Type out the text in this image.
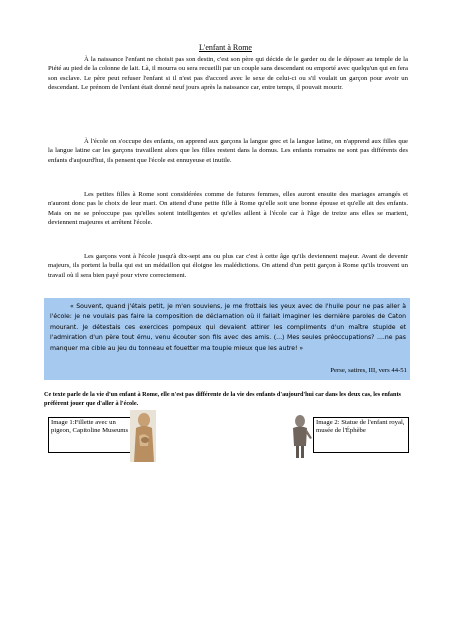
L'enfant à Rome

À la naissance l'enfant ne choisit pas son destin, c'est son père qui décide de le garder ou de le déposer au temple de la Piété au pied de la colonne de lait. Là, il mourra ou sera recueilli par un couple sans descendant ou emporté avec quelqu'un qui en fera son esclave. Le père peut refuser l'enfant si il n'est pas d'accord avec le sexe de celui-ci ou s'il voulait un garçon pour avoir un descendant. Le prénom de l'enfant était donné neuf jours après la naissance car, entre temps, il pouvait mourir.

À l'école on s'occupe des enfants, on apprend aux garçons la langue grec et la langue latine, on n'apprend aux filles que la langue latine car les garçons travaillent alors que les filles restent dans la domus. Les enfants romains ne sont pas différents des enfants d'aujourd'hui, ils pensent que l'école est ennuyeuse et inutile.

Les petites filles à Rome sont considérées comme de futures femmes, elles auront ensuite des mariages arrangés et n'auront donc pas le choix de leur mari. On attend d'une petite fille à Rome qu'elle soit une bonne épouse et qu'elle ait des enfants. Mais on ne se préoccupe pas qu'elles soient intelligentes et qu'elles aillent à l'école car à l'âge de treize ans elles se marient, deviennent majeures et arrêtent l'école.

Les garçons vont à l'école jusqu'à dix-sept ans ou plus car c'est à cette âge qu'ils deviennent majeur. Avant de devenir majeurs, ils portent la bulla qui est un médaillon qui éloigne les malédictions. On attend d'un petit garçon à Rome qu'ils trouvent un travail où il sera bien payé pour vivre correctement.

« Souvent, quand j'étais petit, je m'en souviens, je me frottais les yeux avec de l'huile pour ne pas aller à l'école: je ne voulais pas faire la composition de déclamation où il fallait imaginer les dernière paroles de Caton mourant. Je détestais ces exercices pompeux qui devaient attirer les compliments d'un maître stupide et l'admiration d'un père tout ému, venu écouter son fils avec des amis. (...) Mes seules préoccupations? ....ne pas manquer ma cible au jeu du tonneau et fouetter ma toupie mieux que les autre! »

Perse, satires, III, vers 44-51

Ce texte parle de la vie d'un enfant à Rome, elle n'est pas différente de la vie des enfants d'aujourd'hui car dans les deux cas, les enfants préfèrent jouer que d'aller à l'école.

Image 1:Fillette avec un pigeon, Capitoline Museums
Image 2: Statue de l'enfant royal, musée de l'Éphèbe
